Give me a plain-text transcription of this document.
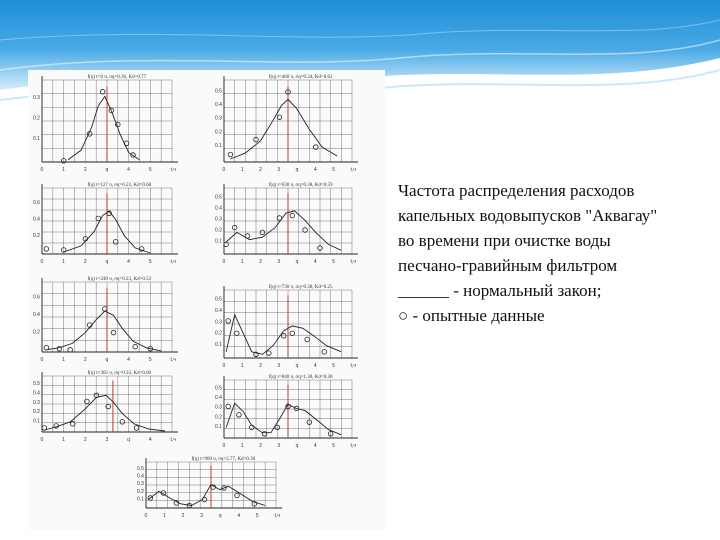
f(q) t=0 ч, σq=0.36, Kd=0.77
0.3
0.2
0.1
0	1	2	q	4	5	t,ч
f(q) t=460 ч, σq=0.34, Kd=0.62
0.5
0.4
0.3
0.2
0.1
0	1	2	3	q	4	5	t,ч
f(q) t=127 ч, σq=0.23, Kd=0.68
0.6
0.4
0.2
0	1	2	q	4	5	t,ч
f(q) t=630 ч, σq=0.38, Kd=0.59
0.5
0.4
0.3
0.2
0.1
0	1	2	3	q	4	5	t,ч
f(q) t=240 ч, σq=0.23, Kd=0.53
0.6
0.4
0.2
0	1	2	q	4	5	t,ч
f(q) t=730 ч, σq=0.38, Kd=0.25
0.5
0.4
0.3
0.2
0.1
0	1	2	3	q	4	5	t,ч
f(q) t=365 ч, σq=0.33, Kd=0.60
0.5
0.4
0.3
0.2
0.1
0	1	2	3	q	4	t,ч
f(q) t=840 ч, σq=1.30, Kd=0.30
0.5
0.4
0.3
0.2
0.1
0	1	2	3	q	4	5	t,ч
f(q) t=960 ч, σq=2.77, Kd=0.30
0.5
0.4
0.3
0.2
0.1
0	1	2	3	q	4	5	t,ч
Частота распределения расходов
капельных водовыпусков "Аквагау"
во времени при очистке воды
песчано-гравийным фильтром
______ - нормальный закон;
○ - опытные данные
